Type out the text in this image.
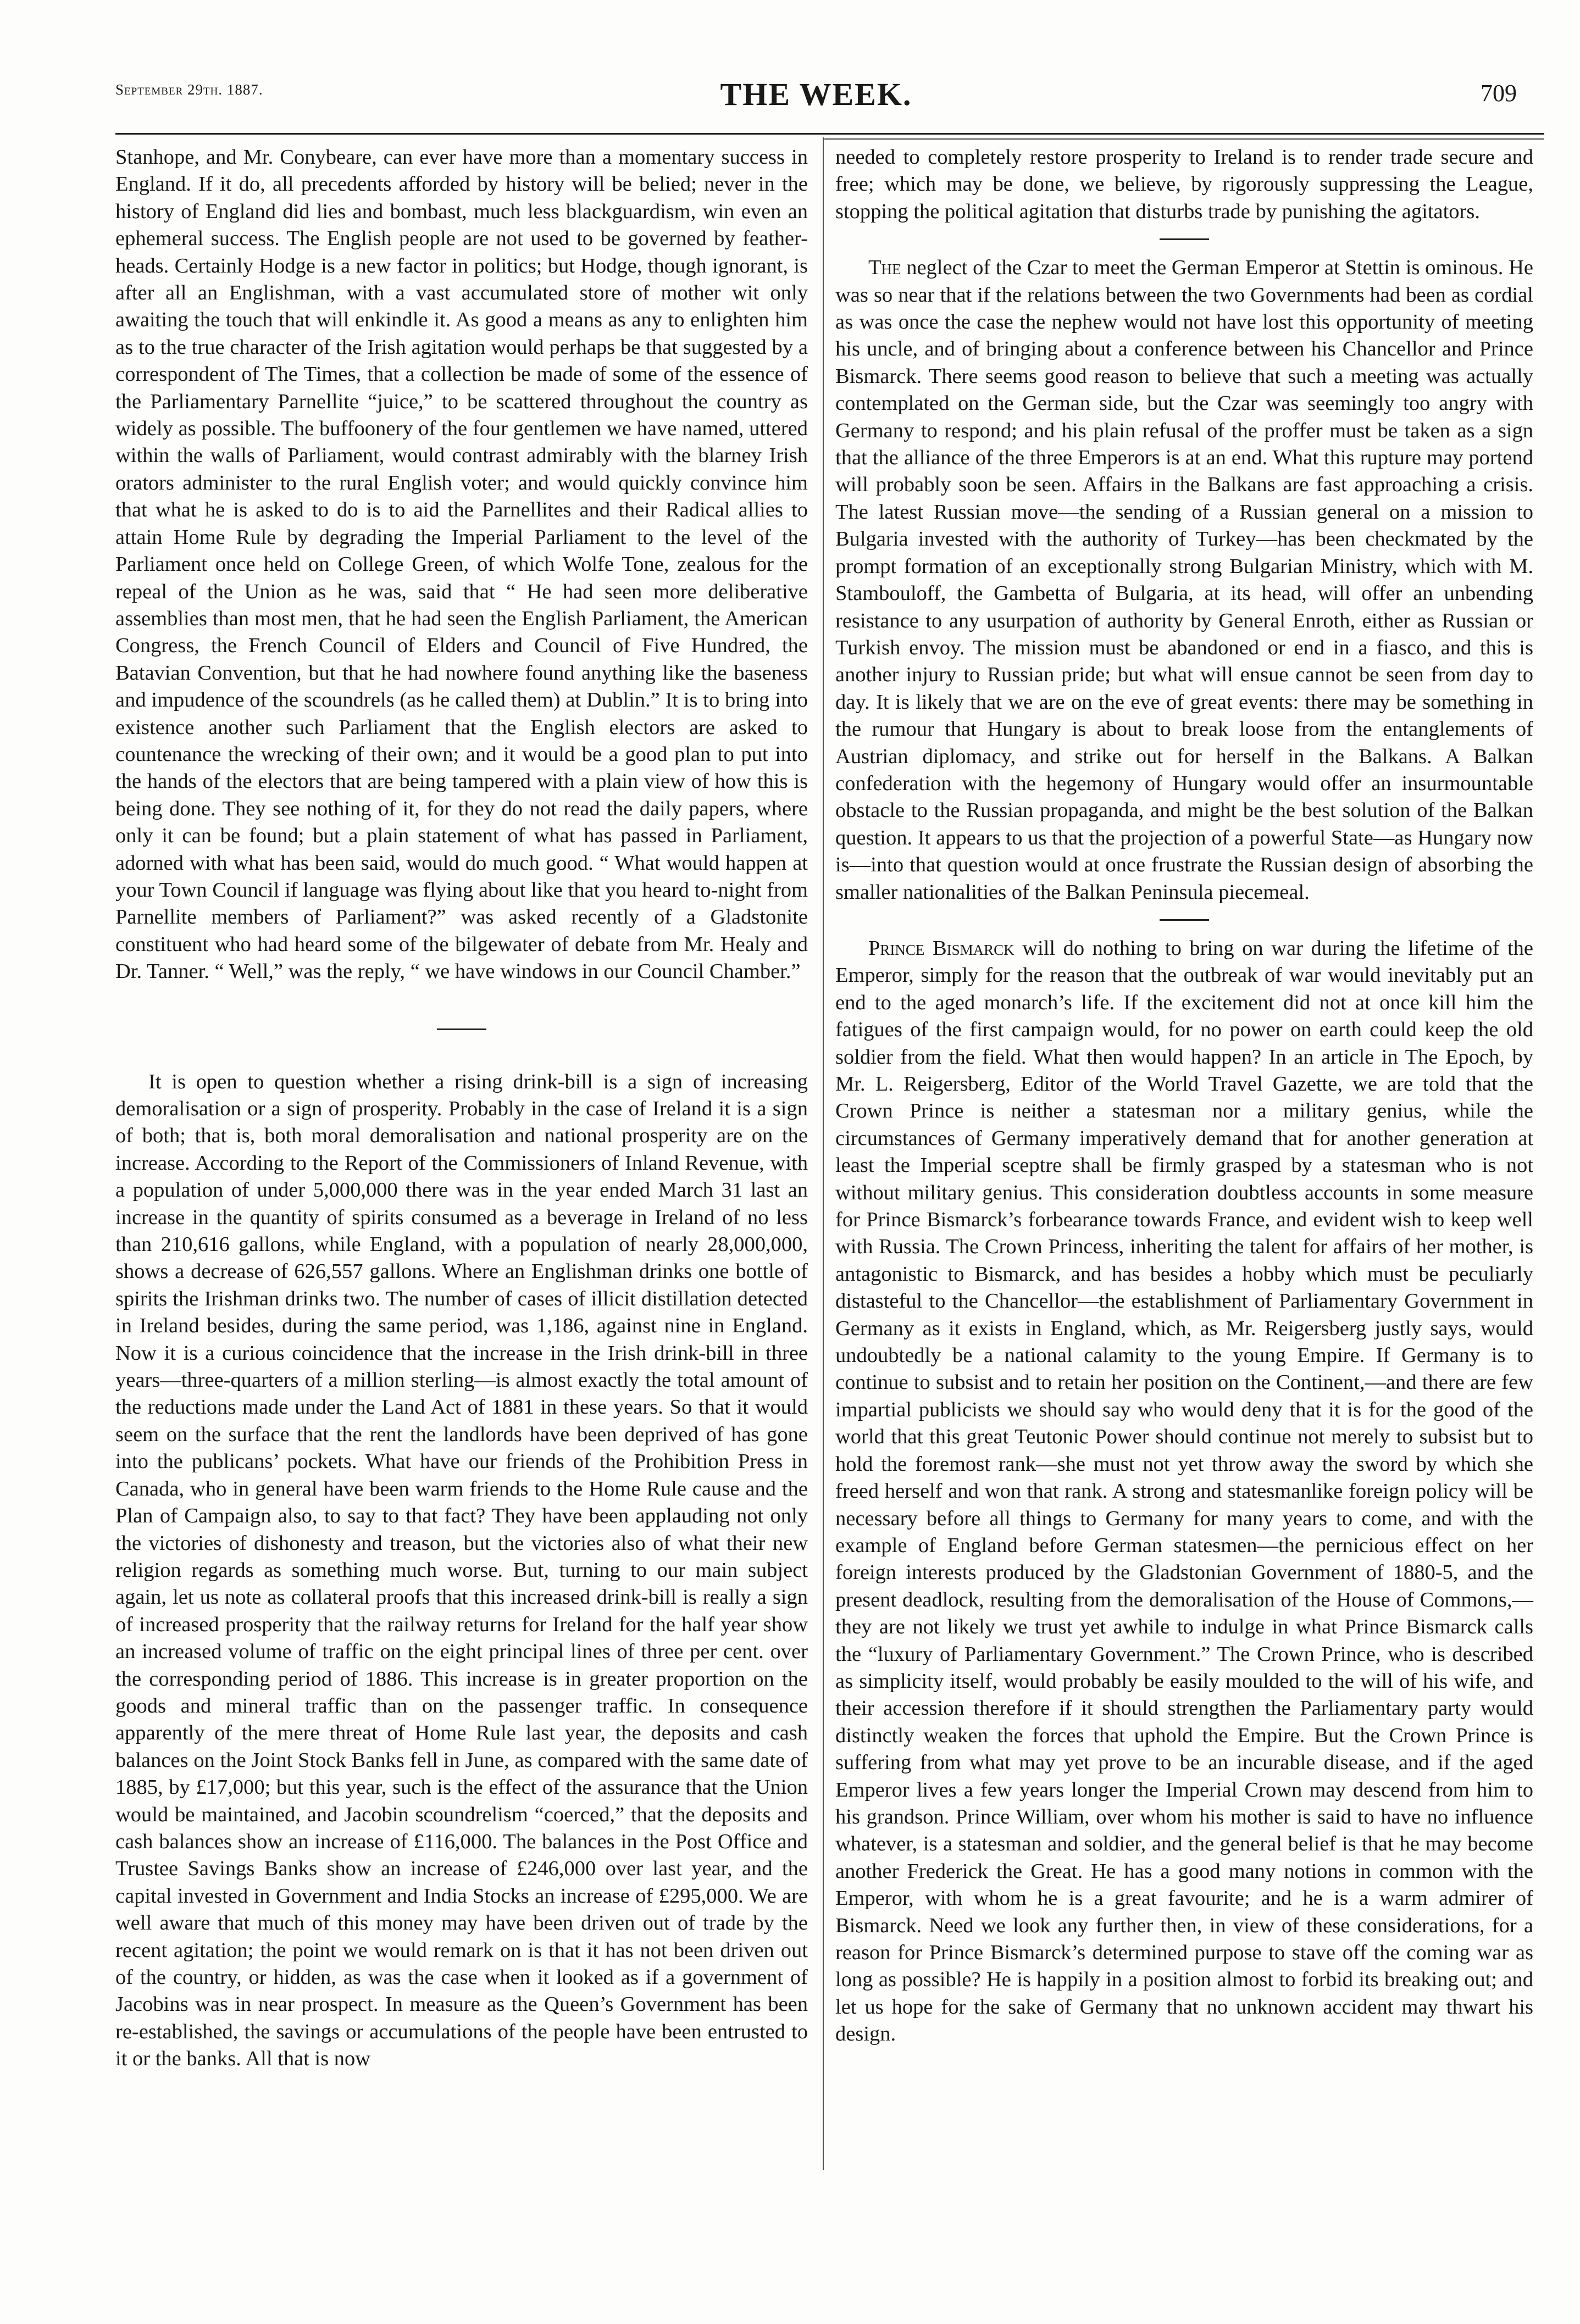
September 29th. 1887.	THE WEEK.	709

Stanhope, and Mr. Conybeare, can ever have more than a momentary success in England. If it do, all precedents afforded by history will be belied; never in the history of England did lies and bombast, much less blackguardism, win even an ephemeral success. The English people are not used to be governed by feather-heads. Certainly Hodge is a new factor in politics; but Hodge, though ignorant, is after all an Englishman, with a vast accumulated store of mother wit only awaiting the touch that will enkindle it. As good a means as any to enlighten him as to the true character of the Irish agitation would perhaps be that suggested by a correspondent of The Times, that a collection be made of some of the essence of the Parliamentary Parnellite “juice,” to be scattered throughout the country as widely as possible. The buffoonery of the four gentlemen we have named, uttered within the walls of Parliament, would contrast admirably with the blarney Irish orators administer to the rural English voter; and would quickly convince him that what he is asked to do is to aid the Parnellites and their Radical allies to attain Home Rule by degrading the Imperial Parliament to the level of the Parliament once held on College Green, of which Wolfe Tone, zealous for the repeal of the Union as he was, said that “ He had seen more deliberative assemblies than most men, that he had seen the English Parliament, the American Congress, the French Council of Elders and Council of Five Hundred, the Batavian Convention, but that he had nowhere found anything like the baseness and impudence of the scoundrels (as he called them) at Dublin.” It is to bring into existence another such Parliament that the English electors are asked to countenance the wrecking of their own; and it would be a good plan to put into the hands of the electors that are being tampered with a plain view of how this is being done. They see nothing of it, for they do not read the daily papers, where only it can be found; but a plain statement of what has passed in Parliament, adorned with what has been said, would do much good. “ What would happen at your Town Council if language was flying about like that you heard to-night from Parnellite members of Parliament?” was asked recently of a Gladstonite constituent who had heard some of the bilgewater of debate from Mr. Healy and Dr. Tanner. “ Well,” was the reply, “ we have windows in our Council Chamber.”

It is open to question whether a rising drink-bill is a sign of increasing demoralisation or a sign of prosperity. Probably in the case of Ireland it is a sign of both; that is, both moral demoralisation and national prosperity are on the increase. According to the Report of the Commissioners of Inland Revenue, with a population of under 5,000,000 there was in the year ended March 31 last an increase in the quantity of spirits consumed as a beverage in Ireland of no less than 210,616 gallons, while England, with a population of nearly 28,000,000, shows a decrease of 626,557 gallons. Where an Englishman drinks one bottle of spirits the Irishman drinks two. The number of cases of illicit distillation detected in Ireland besides, during the same period, was 1,186, against nine in England. Now it is a curious coincidence that the increase in the Irish drink-bill in three years—three-quarters of a million sterling—is almost exactly the total amount of the reductions made under the Land Act of 1881 in these years. So that it would seem on the surface that the rent the landlords have been deprived of has gone into the publicans’ pockets. What have our friends of the Prohibition Press in Canada, who in general have been warm friends to the Home Rule cause and the Plan of Campaign also, to say to that fact? They have been applauding not only the victories of dishonesty and treason, but the victories also of what their new religion regards as something much worse. But, turning to our main subject again, let us note as collateral proofs that this increased drink-bill is really a sign of increased prosperity that the railway returns for Ireland for the half year show an increased volume of traffic on the eight principal lines of three per cent. over the corresponding period of 1886. This increase is in greater proportion on the goods and mineral traffic than on the passenger traffic. In consequence apparently of the mere threat of Home Rule last year, the deposits and cash balances on the Joint Stock Banks fell in June, as compared with the same date of 1885, by £17,000; but this year, such is the effect of the assurance that the Union would be maintained, and Jacobin scoundrelism “coerced,” that the deposits and cash balances show an increase of £116,000. The balances in the Post Office and Trustee Savings Banks show an increase of £246,000 over last year, and the capital invested in Government and India Stocks an increase of £295,000. We are well aware that much of this money may have been driven out of trade by the recent agitation; the point we would remark on is that it has not been driven out of the country, or hidden, as was the case when it looked as if a government of Jacobins was in near prospect. In measure as the Queen’s Government has been re-established, the savings or accumulations of the people have been entrusted to it or the banks. All that is now

needed to completely restore prosperity to Ireland is to render trade secure and free; which may be done, we believe, by rigorously suppressing the League, stopping the political agitation that disturbs trade by punishing the agitators.

The neglect of the Czar to meet the German Emperor at Stettin is ominous. He was so near that if the relations between the two Governments had been as cordial as was once the case the nephew would not have lost this opportunity of meeting his uncle, and of bringing about a conference between his Chancellor and Prince Bismarck. There seems good reason to believe that such a meeting was actually contemplated on the German side, but the Czar was seemingly too angry with Germany to respond; and his plain refusal of the proffer must be taken as a sign that the alliance of the three Emperors is at an end. What this rupture may portend will probably soon be seen. Affairs in the Balkans are fast approaching a crisis. The latest Russian move—the sending of a Russian general on a mission to Bulgaria invested with the authority of Turkey—has been checkmated by the prompt formation of an exceptionally strong Bulgarian Ministry, which with M. Stambouloff, the Gambetta of Bulgaria, at its head, will offer an unbending resistance to any usurpation of authority by General Enroth, either as Russian or Turkish envoy. The mission must be abandoned or end in a fiasco, and this is another injury to Russian pride; but what will ensue cannot be seen from day to day. It is likely that we are on the eve of great events: there may be something in the rumour that Hungary is about to break loose from the entanglements of Austrian diplomacy, and strike out for herself in the Balkans. A Balkan confederation with the hegemony of Hungary would offer an insurmountable obstacle to the Russian propaganda, and might be the best solution of the Balkan question. It appears to us that the projection of a powerful State—as Hungary now is—into that question would at once frustrate the Russian design of absorbing the smaller nationalities of the Balkan Peninsula piecemeal.

Prince Bismarck will do nothing to bring on war during the lifetime of the Emperor, simply for the reason that the outbreak of war would inevitably put an end to the aged monarch’s life. If the excitement did not at once kill him the fatigues of the first campaign would, for no power on earth could keep the old soldier from the field. What then would happen? In an article in The Epoch, by Mr. L. Reigersberg, Editor of the World Travel Gazette, we are told that the Crown Prince is neither a statesman nor a military genius, while the circumstances of Germany imperatively demand that for another generation at least the Imperial sceptre shall be firmly grasped by a statesman who is not without military genius. This consideration doubtless accounts in some measure for Prince Bismarck’s forbearance towards France, and evident wish to keep well with Russia. The Crown Princess, inheriting the talent for affairs of her mother, is antagonistic to Bismarck, and has besides a hobby which must be peculiarly distasteful to the Chancellor—the establishment of Parliamentary Government in Germany as it exists in England, which, as Mr. Reigersberg justly says, would undoubtedly be a national calamity to the young Empire. If Germany is to continue to subsist and to retain her position on the Continent,—and there are few impartial publicists we should say who would deny that it is for the good of the world that this great Teutonic Power should continue not merely to subsist but to hold the foremost rank—she must not yet throw away the sword by which she freed herself and won that rank. A strong and statesmanlike foreign policy will be necessary before all things to Germany for many years to come, and with the example of England before German statesmen—the pernicious effect on her foreign interests produced by the Gladstonian Government of 1880-5, and the present deadlock, resulting from the demoralisation of the House of Commons,—they are not likely we trust yet awhile to indulge in what Prince Bismarck calls the “luxury of Parliamentary Government.” The Crown Prince, who is described as simplicity itself, would probably be easily moulded to the will of his wife, and their accession therefore if it should strengthen the Parliamentary party would distinctly weaken the forces that uphold the Empire. But the Crown Prince is suffering from what may yet prove to be an incurable disease, and if the aged Emperor lives a few years longer the Imperial Crown may descend from him to his grandson. Prince William, over whom his mother is said to have no influence whatever, is a statesman and soldier, and the general belief is that he may become another Frederick the Great. He has a good many notions in common with the Emperor, with whom he is a great favourite; and he is a warm admirer of Bismarck. Need we look any further then, in view of these considerations, for a reason for Prince Bismarck’s determined purpose to stave off the coming war as long as possible? He is happily in a position almost to forbid its breaking out; and let us hope for the sake of Germany that no unknown accident may thwart his design.
